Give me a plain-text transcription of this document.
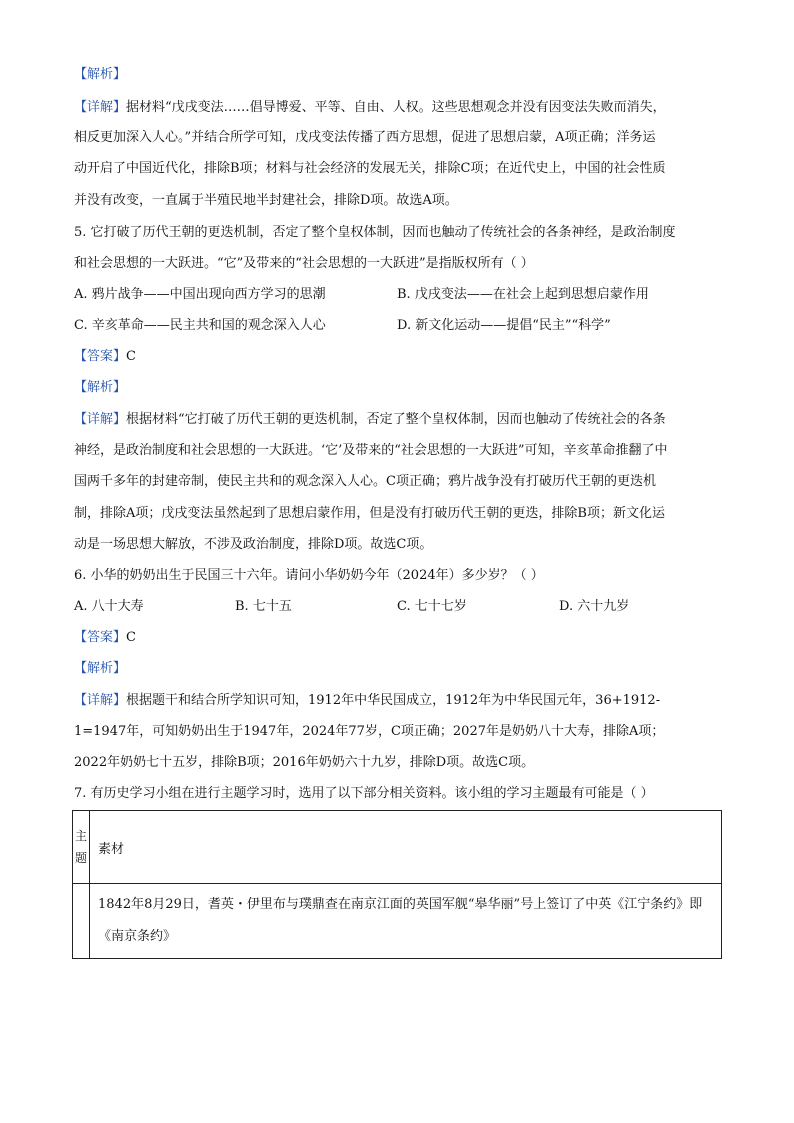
【解析】
【详解】据材料“戊戌变法……倡导博爱、平等、自由、人权。这些思想观念并没有因变法失败而消失，
相反更加深入人心。”并结合所学可知，戊戌变法传播了西方思想，促进了思想启蒙，A项正确；洋务运
动开启了中国近代化，排除B项；材料与社会经济的发展无关，排除C项；在近代史上，中国的社会性质
并没有改变，一直属于半殖民地半封建社会，排除D项。故选A项。
5. 它打破了历代王朝的更迭机制，否定了整个皇权体制，因而也触动了传统社会的各条神经，是政治制度
和社会思想的一大跃进。“它”及带来的“社会思想的一大跃进”是指版权所有（ ）
A. 鸦片战争——中国出现向西方学习的思潮	B. 戊戌变法——在社会上起到思想启蒙作用
C. 辛亥革命——民主共和国的观念深入人心	D. 新文化运动——提倡“民主”“科学”
【答案】C
【解析】
【详解】根据材料“它打破了历代王朝的更迭机制，否定了整个皇权体制，因而也触动了传统社会的各条
神经，是政治制度和社会思想的一大跃进。‘它’及带来的“社会思想的一大跃进”可知，辛亥革命推翻了中
国两千多年的封建帝制，使民主共和的观念深入人心。C项正确；鸦片战争没有打破历代王朝的更迭机
制，排除A项；戊戌变法虽然起到了思想启蒙作用，但是没有打破历代王朝的更迭，排除B项；新文化运
动是一场思想大解放，不涉及政治制度，排除D项。故选C项。
6. 小华的奶奶出生于民国三十六年。请问小华奶奶今年（2024年）多少岁？（ ）
A. 八十大寿	B. 七十五	C. 七十七岁	D. 六十九岁
【答案】C
【解析】
【详解】根据题干和结合所学知识可知，1912年中华民国成立，1912年为中华民国元年，36+1912-
1=1947年，可知奶奶出生于1947年，2024年77岁，C项正确；2027年是奶奶八十大寿，排除A项；
2022年奶奶七十五岁，排除B项；2016年奶奶六十九岁，排除D项。故选C项。
7. 有历史学习小组在进行主题学习时，选用了以下部分相关资料。该小组的学习主题最有可能是（ ）
主题	素材

	1842年8月29日，耆英・伊里布与璞鼎查在南京江面的英国军舰“皋华丽”号上签订了中英《江宁条约》即《南京条约》
